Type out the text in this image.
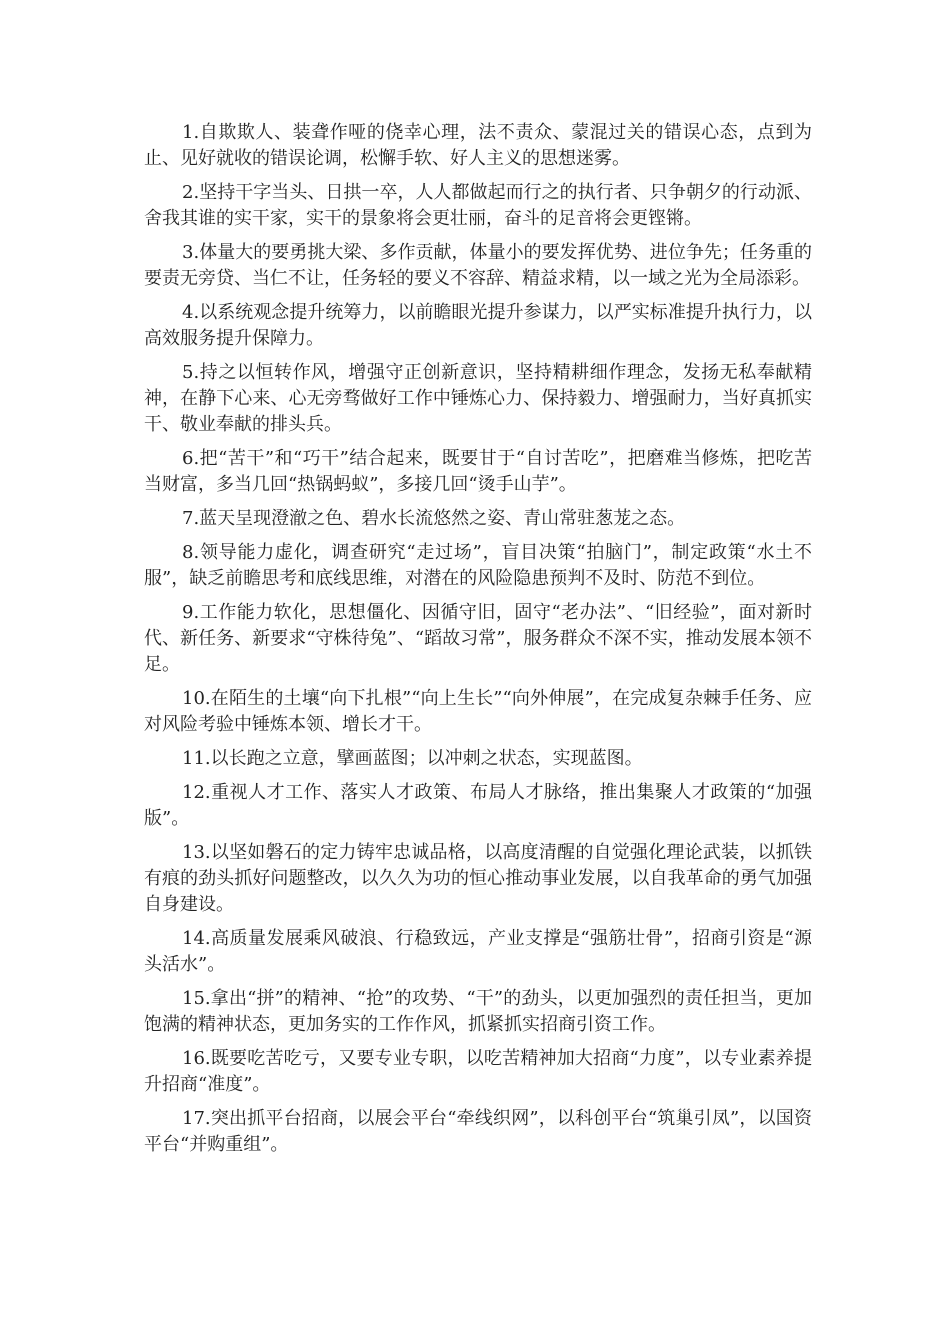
1.自欺欺人、装聋作哑的侥幸心理，法不责众、蒙混过关的错误心态，点到为止、见好就收的错误论调，松懈手软、好人主义的思想迷雾。

2.坚持干字当头、日拱一卒，人人都做起而行之的执行者、只争朝夕的行动派、舍我其谁的实干家，实干的景象将会更壮丽，奋斗的足音将会更铿锵。

3.体量大的要勇挑大梁、多作贡献，体量小的要发挥优势、进位争先；任务重的要责无旁贷、当仁不让，任务轻的要义不容辞、精益求精，以一域之光为全局添彩。

4.以系统观念提升统筹力，以前瞻眼光提升参谋力，以严实标准提升执行力，以高效服务提升保障力。

5.持之以恒转作风，增强守正创新意识，坚持精耕细作理念，发扬无私奉献精神，在静下心来、心无旁骛做好工作中锤炼心力、保持毅力、增强耐力，当好真抓实干、敬业奉献的排头兵。

6.把“苦干”和“巧干”结合起来，既要甘于“自讨苦吃”，把磨难当修炼，把吃苦当财富，多当几回“热锅蚂蚁”，多接几回“烫手山芋”。

7.蓝天呈现澄澈之色、碧水长流悠然之姿、青山常驻葱茏之态。

8.领导能力虚化，调查研究“走过场”，盲目决策“拍脑门”，制定政策“水土不服”，缺乏前瞻思考和底线思维，对潜在的风险隐患预判不及时、防范不到位。

9.工作能力软化，思想僵化、因循守旧，固守“老办法”、“旧经验”，面对新时代、新任务、新要求“守株待兔”、“蹈故习常”，服务群众不深不实，推动发展本领不足。

10.在陌生的土壤“向下扎根”“向上生长”“向外伸展”，在完成复杂棘手任务、应对风险考验中锤炼本领、增长才干。

11.以长跑之立意，擘画蓝图；以冲刺之状态，实现蓝图。

12.重视人才工作、落实人才政策、布局人才脉络，推出集聚人才政策的“加强版”。

13.以坚如磐石的定力铸牢忠诚品格，以高度清醒的自觉强化理论武装，以抓铁有痕的劲头抓好问题整改，以久久为功的恒心推动事业发展，以自我革命的勇气加强自身建设。

14.高质量发展乘风破浪、行稳致远，产业支撑是“强筋壮骨”，招商引资是“源头活水”。

15.拿出“拼”的精神、“抢”的攻势、“干”的劲头，以更加强烈的责任担当，更加饱满的精神状态，更加务实的工作作风，抓紧抓实招商引资工作。

16.既要吃苦吃亏，又要专业专职，以吃苦精神加大招商“力度”，以专业素养提升招商“准度”。

17.突出抓平台招商，以展会平台“牵线织网”，以科创平台“筑巢引凤”，以国资平台“并购重组”。
